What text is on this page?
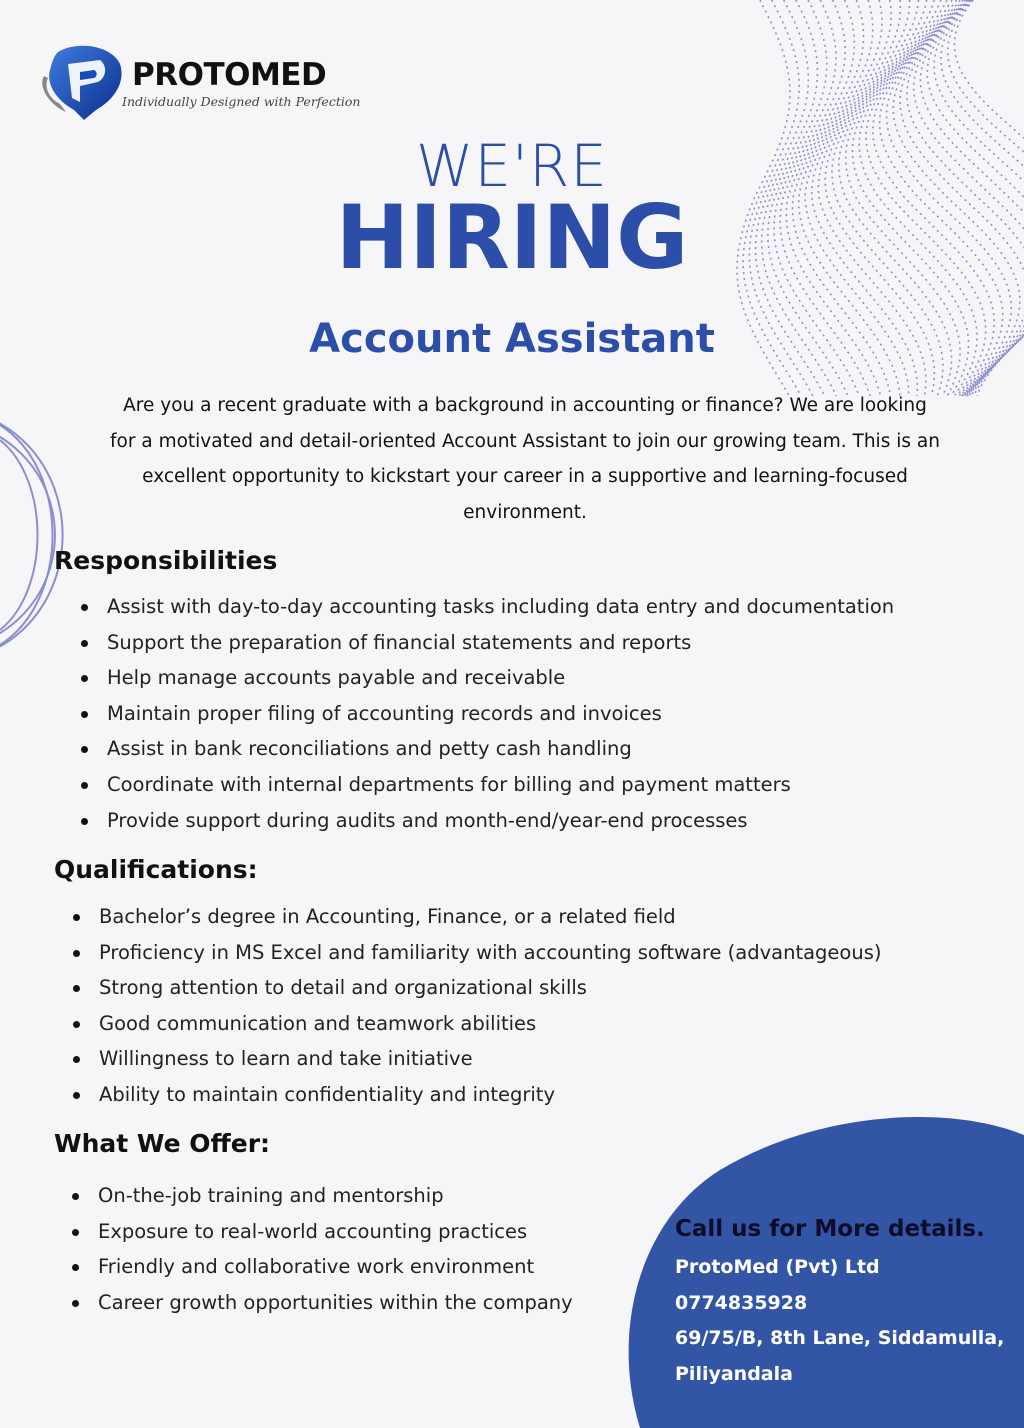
PROTOMED
Individually Designed with Perfection
WE'RE
HIRING
Account Assistant
Are you a recent graduate with a background in accounting or finance? We are looking for a motivated and detail-oriented Account Assistant to join our growing team. This is an excellent opportunity to kickstart your career in a supportive and learning-focused environment.
Responsibilities
Assist with day-to-day accounting tasks including data entry and documentation
Support the preparation of financial statements and reports
Help manage accounts payable and receivable
Maintain proper filing of accounting records and invoices
Assist in bank reconciliations and petty cash handling
Coordinate with internal departments for billing and payment matters
Provide support during audits and month-end/year-end processes
Qualifications:
Bachelor’s degree in Accounting, Finance, or a related field
Proficiency in MS Excel and familiarity with accounting software (advantageous)
Strong attention to detail and organizational skills
Good communication and teamwork abilities
Willingness to learn and take initiative
Ability to maintain confidentiality and integrity
What We Offer:
On-the-job training and mentorship
Exposure to real-world accounting practices
Friendly and collaborative work environment
Career growth opportunities within the company
Call us for More details.
ProtoMed (Pvt) Ltd
0774835928
69/75/B, 8th Lane, Siddamulla,
Piliyandala
